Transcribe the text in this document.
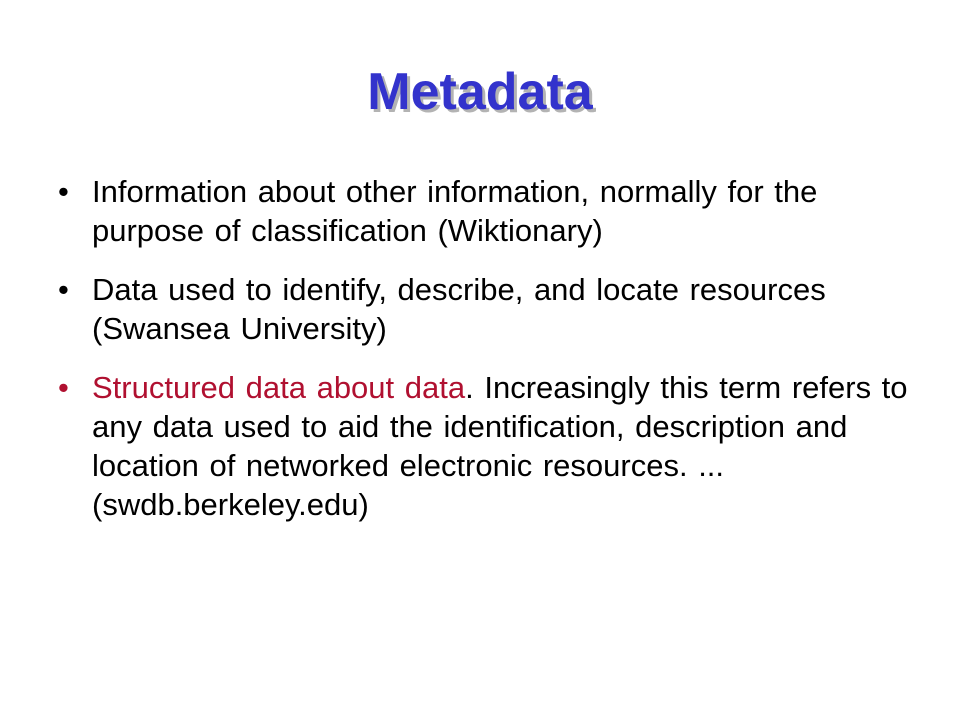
Metadata
• Information about other information, normally for the purpose of classification (Wiktionary)
• Data used to identify, describe, and locate resources (Swansea University)
• Structured data about data. Increasingly this term refers to any data used to aid the identification, description and location of networked electronic resources. ... (swdb.berkeley.edu)
